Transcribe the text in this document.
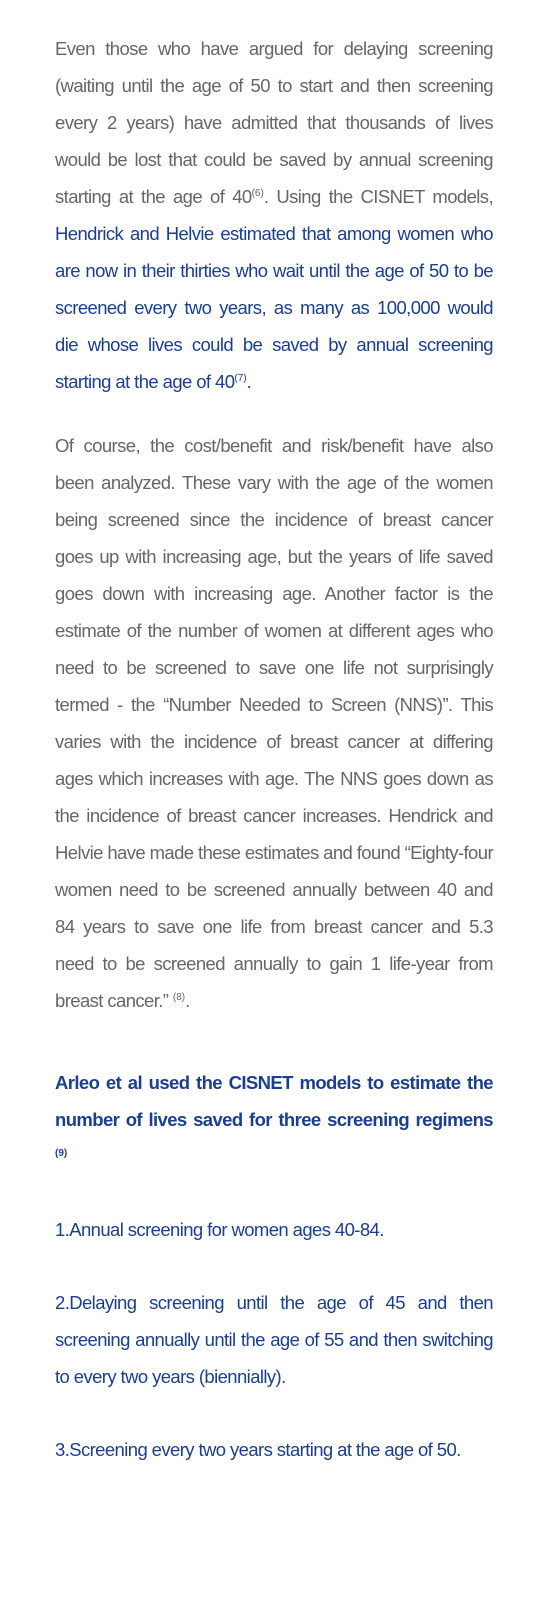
Even those who have argued for delaying screening (waiting until the age of 50 to start and then screening every 2 years) have admitted that thousands of lives would be lost that could be saved by annual screening starting at the age of 40$^{(6)}$. Using the CISNET models, Hendrick and Helvie estimated that among women who are now in their thirties who wait until the age of 50 to be screened every two years, as many as 100,000 would die whose lives could be saved by annual screening starting at the age of 40$^{(7)}$.

Of course, the cost/benefit and risk/benefit have also been analyzed. These vary with the age of the women being screened since the incidence of breast cancer goes up with increasing age, but the years of life saved goes down with increasing age. Another factor is the estimate of the number of women at different ages who need to be screened to save one life not surprisingly termed - the “Number Needed to Screen (NNS)”. This varies with the incidence of breast cancer at differing ages which increases with age. The NNS goes down as the incidence of breast cancer increases. Hendrick and Helvie have made these estimates and found “Eighty-four women need to be screened annually between 40 and 84 years to save one life from breast cancer and 5.3 need to be screened annually to gain 1 life-year from breast cancer.” $^{(8)}$.

Arleo et al used the CISNET models to estimate the number of lives saved for three screening regimens $^{(9)}$

1.Annual screening for women ages 40-84.

2.Delaying screening until the age of 45 and then screening annually until the age of 55 and then switching to every two years (biennially).

3.Screening every two years starting at the age of 50.
